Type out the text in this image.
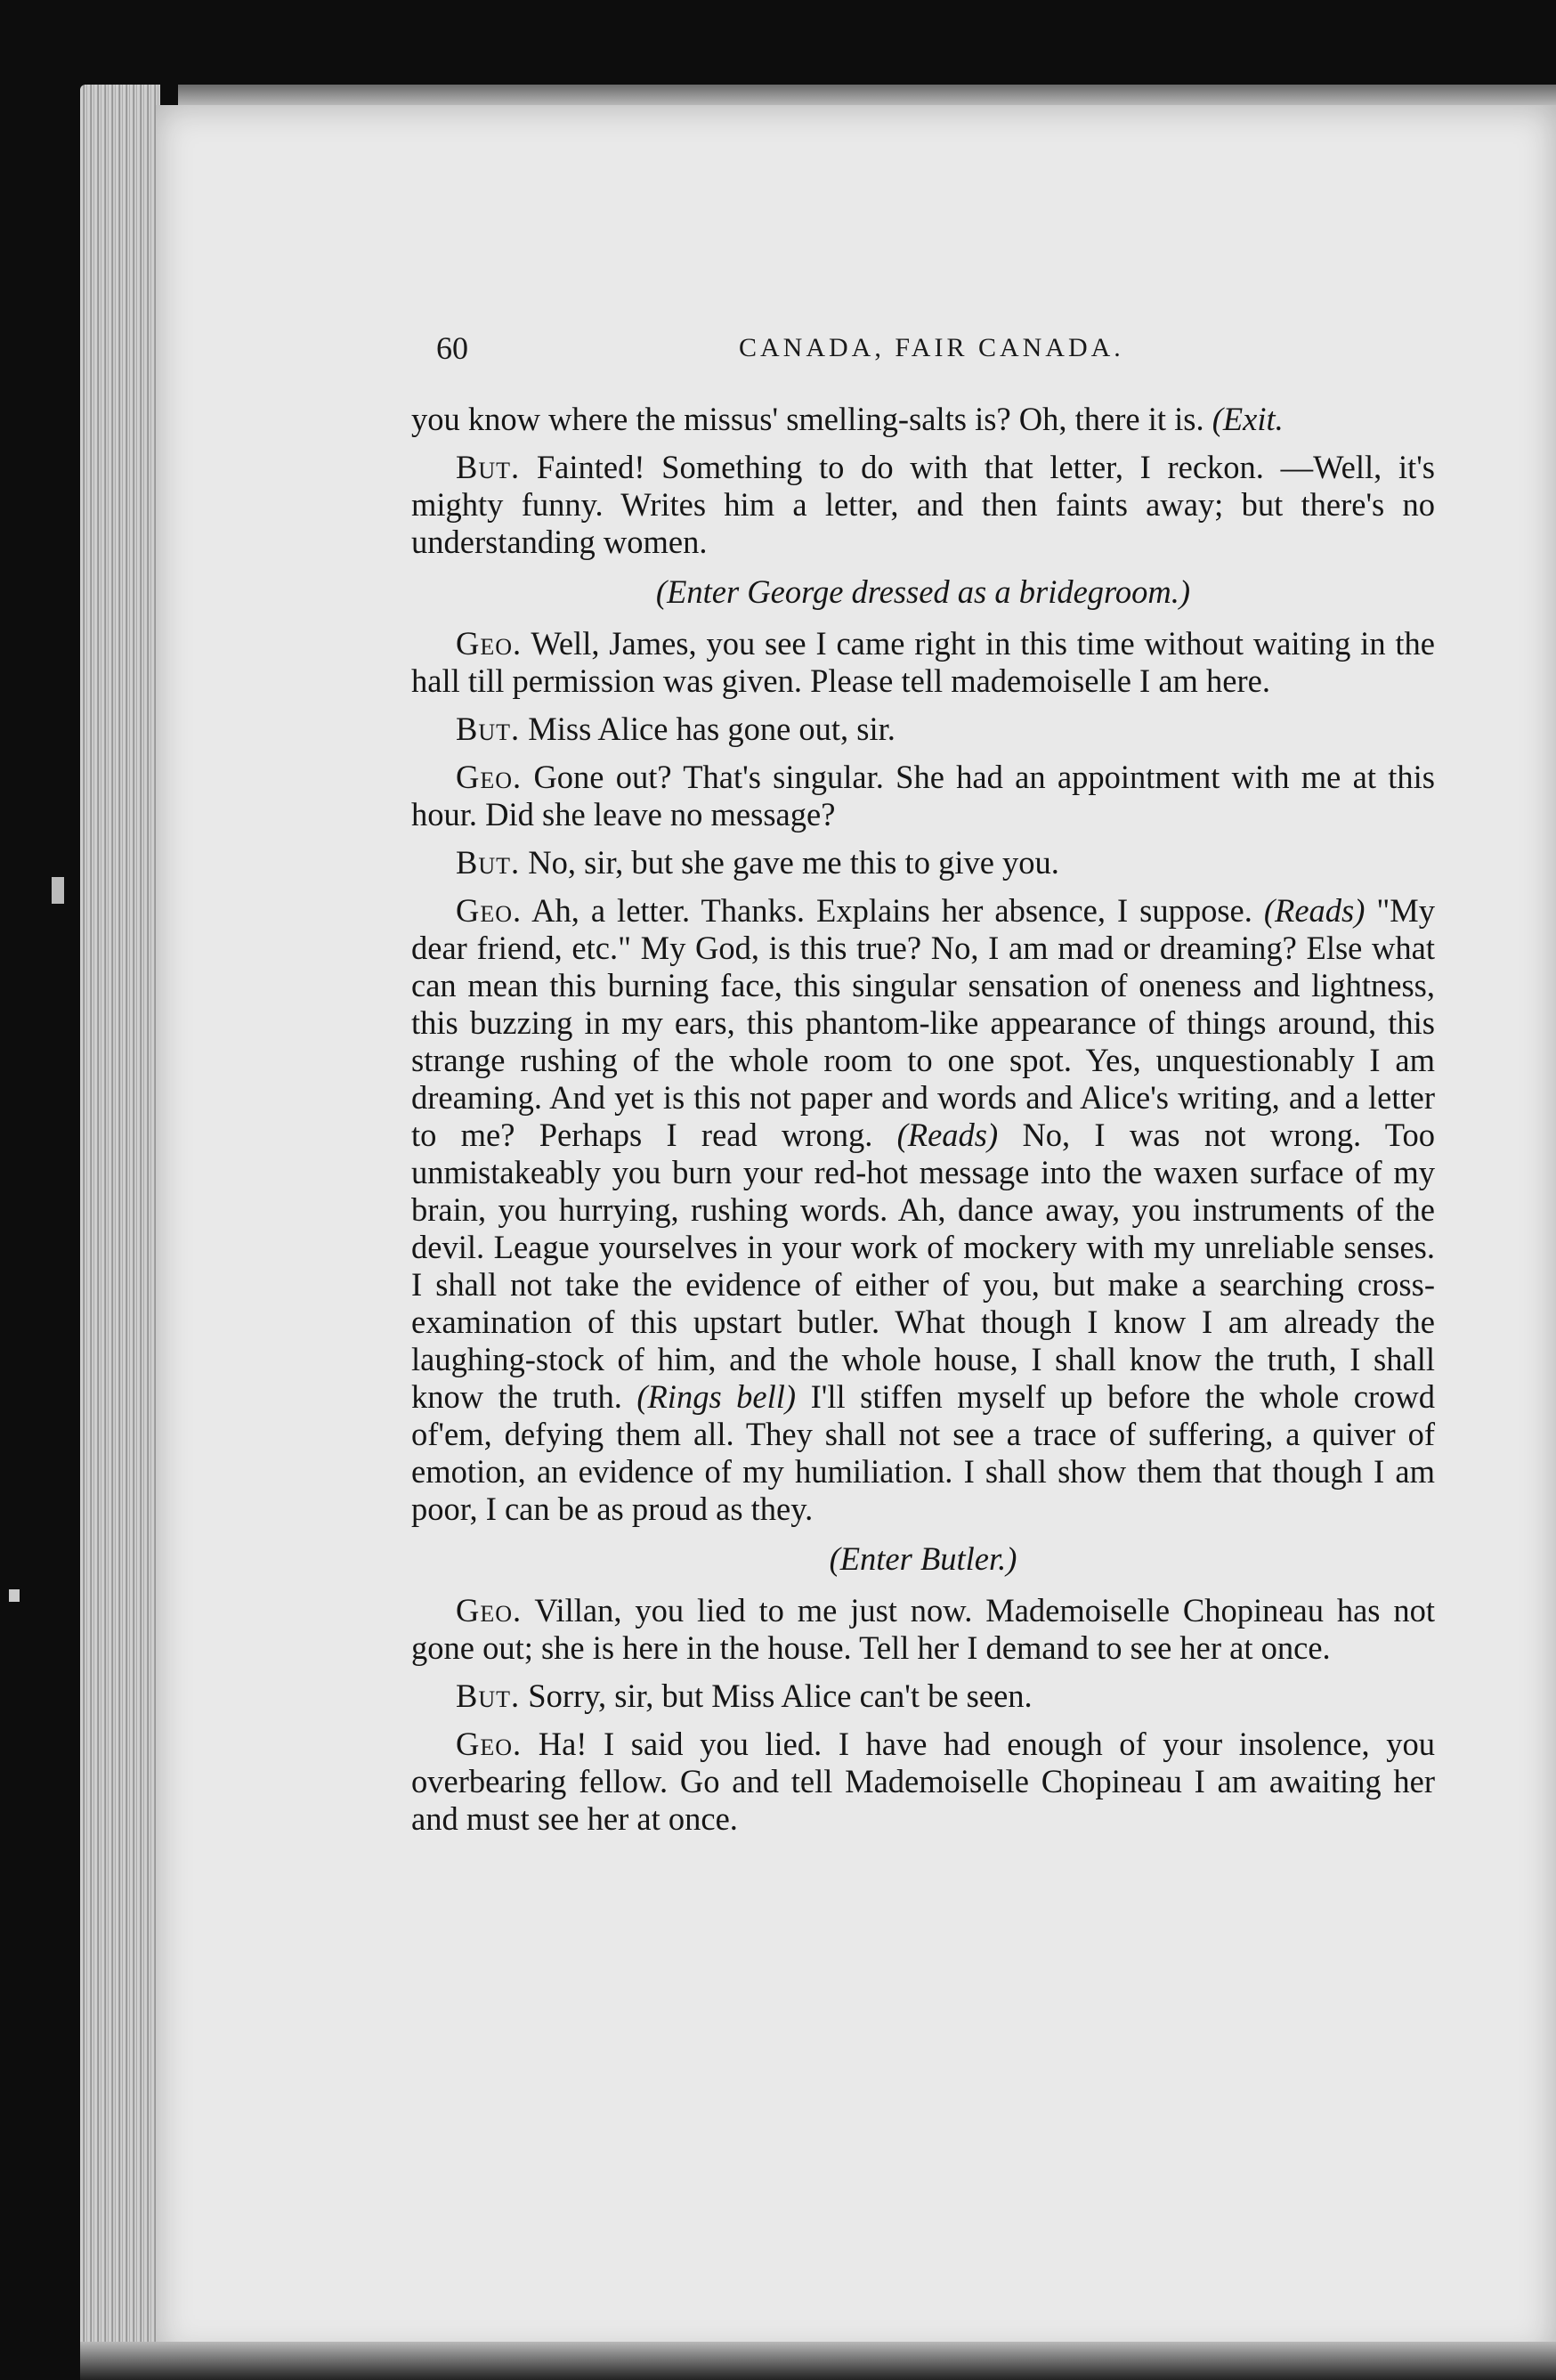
60	CANADA, FAIR CANADA.

you know where the missus' smelling-salts is? Oh, there it is. (Exit.

But. Fainted! Something to do with that letter, I reckon. —Well, it's mighty funny. Writes him a letter, and then faints away; but there's no understanding women.

(Enter George dressed as a bridegroom.)

Geo. Well, James, you see I came right in this time without waiting in the hall till permission was given. Please tell mademoiselle I am here.

But. Miss Alice has gone out, sir.

Geo. Gone out? That's singular. She had an appointment with me at this hour. Did she leave no message?

But. No, sir, but she gave me this to give you.

Geo. Ah, a letter. Thanks. Explains her absence, I suppose. (Reads) "My dear friend, etc." My God, is this true? No, I am mad or dreaming? Else what can mean this burning face, this singular sensation of oneness and lightness, this buzzing in my ears, this phantom-like appearance of things around, this strange rushing of the whole room to one spot. Yes, unquestionably I am dreaming. And yet is this not paper and words and Alice's writing, and a letter to me? Perhaps I read wrong. (Reads) No, I was not wrong. Too unmistakeably you burn your red-hot message into the waxen surface of my brain, you hurrying, rushing words. Ah, dance away, you instruments of the devil. League yourselves in your work of mockery with my unreliable senses. I shall not take the evidence of either of you, but make a searching cross-examination of this upstart butler. What though I know I am already the laughing-stock of him, and the whole house, I shall know the truth, I shall know the truth. (Rings bell) I'll stiffen myself up before the whole crowd of'em, defying them all. They shall not see a trace of suffering, a quiver of emotion, an evidence of my humiliation. I shall show them that though I am poor, I can be as proud as they.

(Enter Butler.)

Geo. Villan, you lied to me just now. Mademoiselle Chopineau has not gone out; she is here in the house. Tell her I demand to see her at once.

But. Sorry, sir, but Miss Alice can't be seen.

Geo. Ha! I said you lied. I have had enough of your insolence, you overbearing fellow. Go and tell Mademoiselle Chopineau I am awaiting her and must see her at once.
